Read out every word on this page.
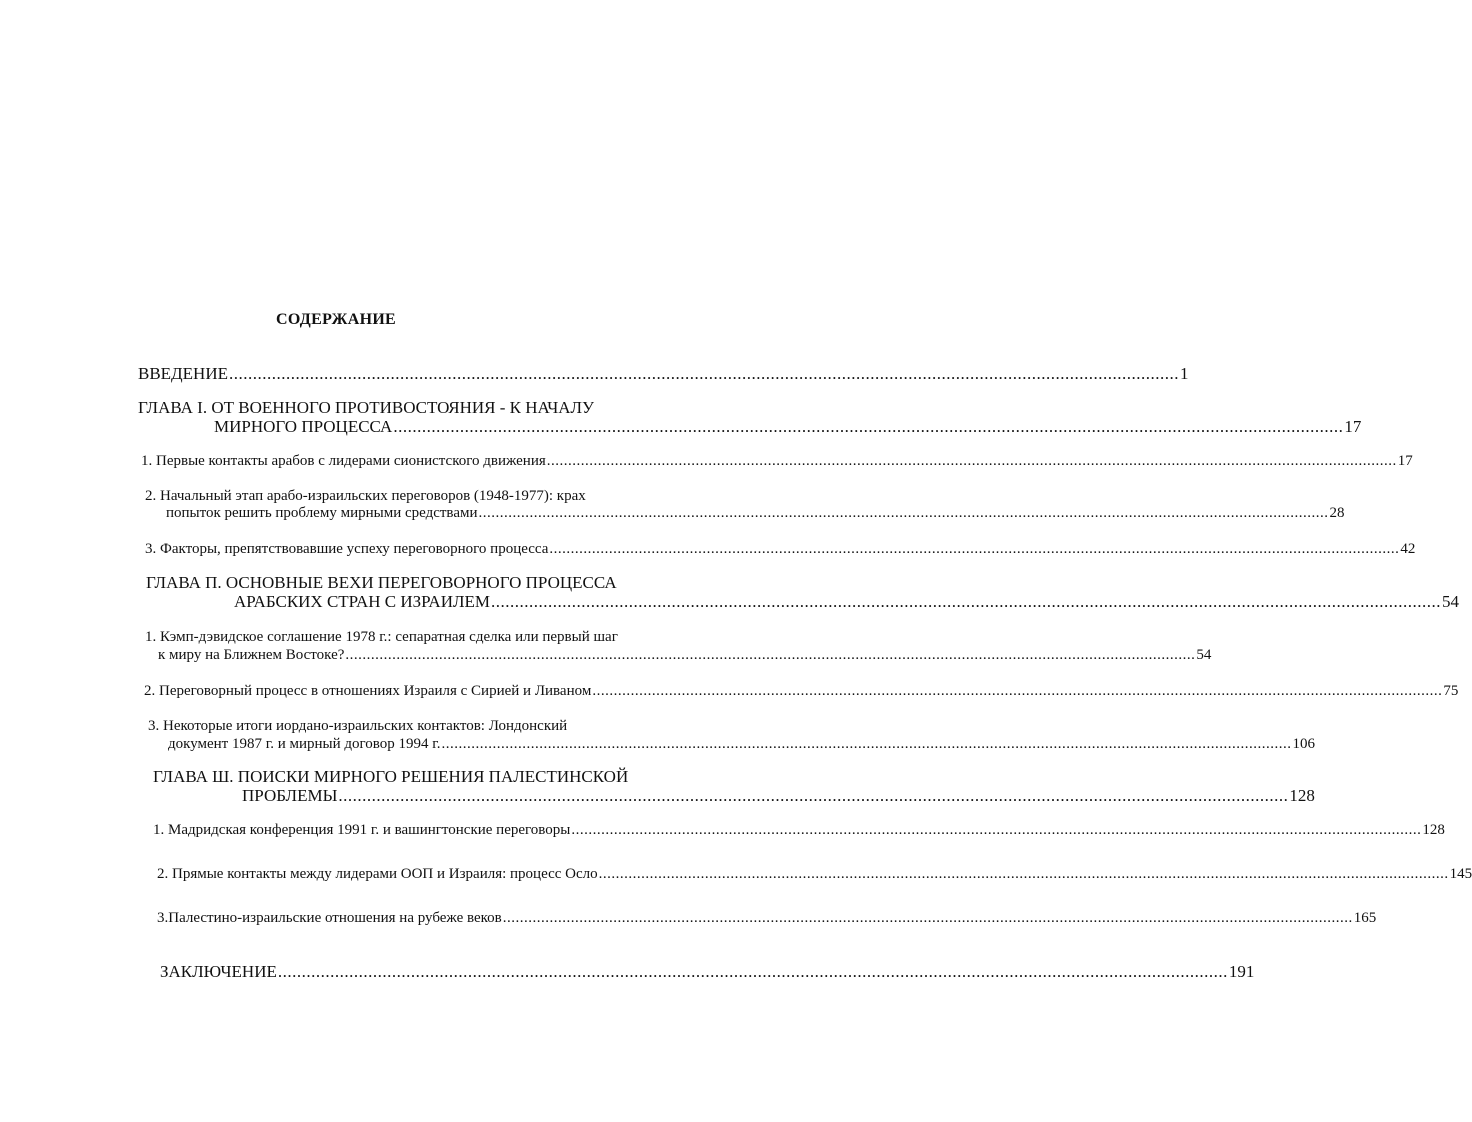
СОДЕРЖАНИЕ
ВВЕДЕНИЕ ........................................................................................................................................................................................................ 1
ГЛАВА I. ОТ ВОЕННОГО ПРОТИВОСТОЯНИЯ - К НАЧАЛУ
МИРНОГО ПРОЦЕССА ........................................................................................................................................................................................................ 17
1. Первые контакты арабов с лидерами сионистского движения ........................................................................................................................................................................................................ 17
2. Начальный этап арабо-израильских переговоров (1948-1977): крах
попыток решить проблему мирными средствами ........................................................................................................................................................................................................ 28
3. Факторы, препятствовавшие успеху переговорного процесса ........................................................................................................................................................................................................ 42
ГЛАВА П. ОСНОВНЫЕ ВЕХИ ПЕРЕГОВОРНОГО ПРОЦЕССА
АРАБСКИХ СТРАН С ИЗРАИЛЕМ ........................................................................................................................................................................................................ 54
1. Кэмп-дэвидское соглашение 1978 г.: сепаратная сделка или первый шаг
к миру на Ближнем Востоке? ........................................................................................................................................................................................................ 54
2. Переговорный процесс в отношениях Израиля с Сирией и Ливаном ........................................................................................................................................................................................................ 75
3. Некоторые итоги иордано-израильских контактов: Лондонский
документ 1987 г. и мирный договор 1994 г. ........................................................................................................................................................................................................ 106
ГЛАВА Ш. ПОИСКИ МИРНОГО РЕШЕНИЯ ПАЛЕСТИНСКОЙ
ПРОБЛЕМЫ ........................................................................................................................................................................................................ 128
1. Мадридская конференция 1991 г. и вашингтонские переговоры ........................................................................................................................................................................................................ 128
2. Прямые контакты между лидерами ООП и Израиля: процесс Осло ........................................................................................................................................................................................................ 145
3.Палестино-израильские отношения на рубеже веков ........................................................................................................................................................................................................ 165
ЗАКЛЮЧЕНИЕ ........................................................................................................................................................................................................ 191
